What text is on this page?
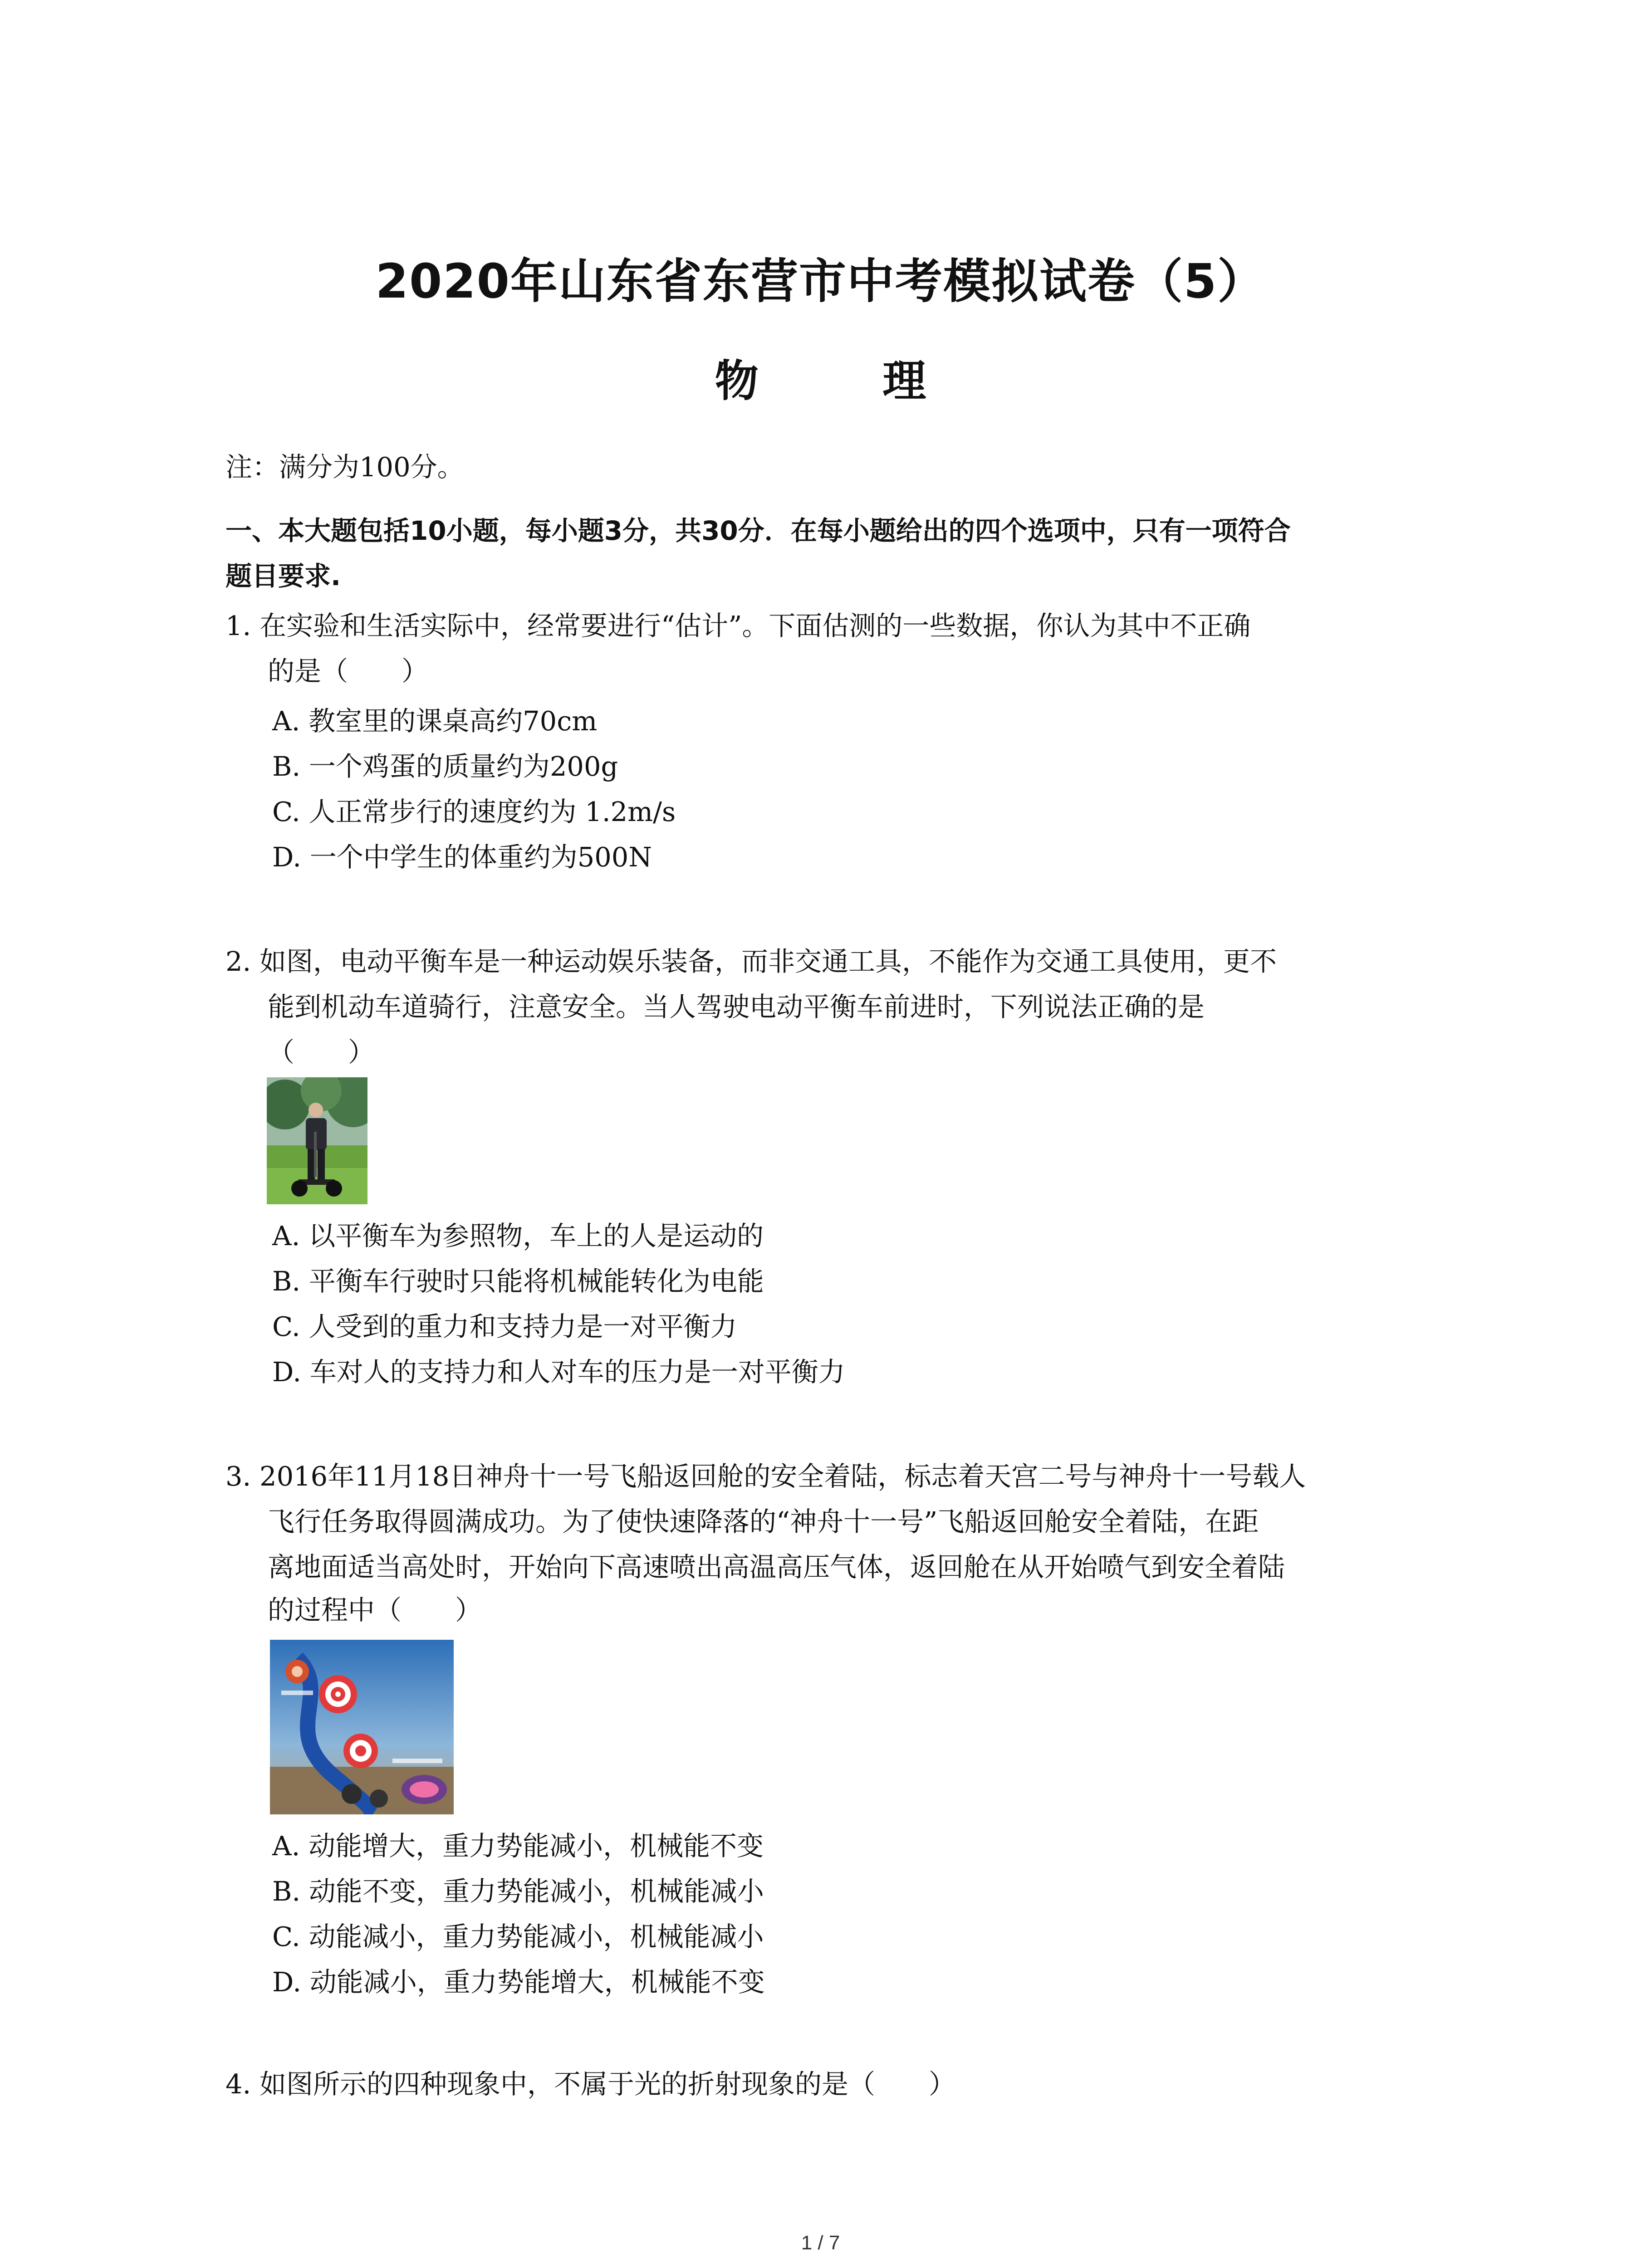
2020年山东省东营市中考模拟试卷（5）
物 理
注：满分为100分。
一、本大题包括10小题，每小题3分，共30分．在每小题给出的四个选项中，只有一项符合
题目要求.
1. 在实验和生活实际中，经常要进行“估计”。下面估测的一些数据，你认为其中不正确
的是（　　）
A. 教室里的课桌高约70cm
B. 一个鸡蛋的质量约为200g
C. 人正常步行的速度约为 1.2m/s
D. 一个中学生的体重约为500N
2. 如图，电动平衡车是一种运动娱乐装备，而非交通工具，不能作为交通工具使用，更不
能到机动车道骑行，注意安全。当人驾驶电动平衡车前进时，下列说法正确的是
（　　）
A. 以平衡车为参照物，车上的人是运动的
B. 平衡车行驶时只能将机械能转化为电能
C. 人受到的重力和支持力是一对平衡力
D. 车对人的支持力和人对车的压力是一对平衡力
3. 2016年11月18日神舟十一号飞船返回舱的安全着陆，标志着天宫二号与神舟十一号载人
飞行任务取得圆满成功。为了使快速降落的“神舟十一号”飞船返回舱安全着陆，在距
离地面适当高处时，开始向下高速喷出高温高压气体，返回舱在从开始喷气到安全着陆
的过程中（　　）
A. 动能增大，重力势能减小，机械能不变
B. 动能不变，重力势能减小，机械能减小
C. 动能减小，重力势能减小，机械能减小
D. 动能减小，重力势能增大，机械能不变
4. 如图所示的四种现象中，不属于光的折射现象的是（　　）
1 / 7
